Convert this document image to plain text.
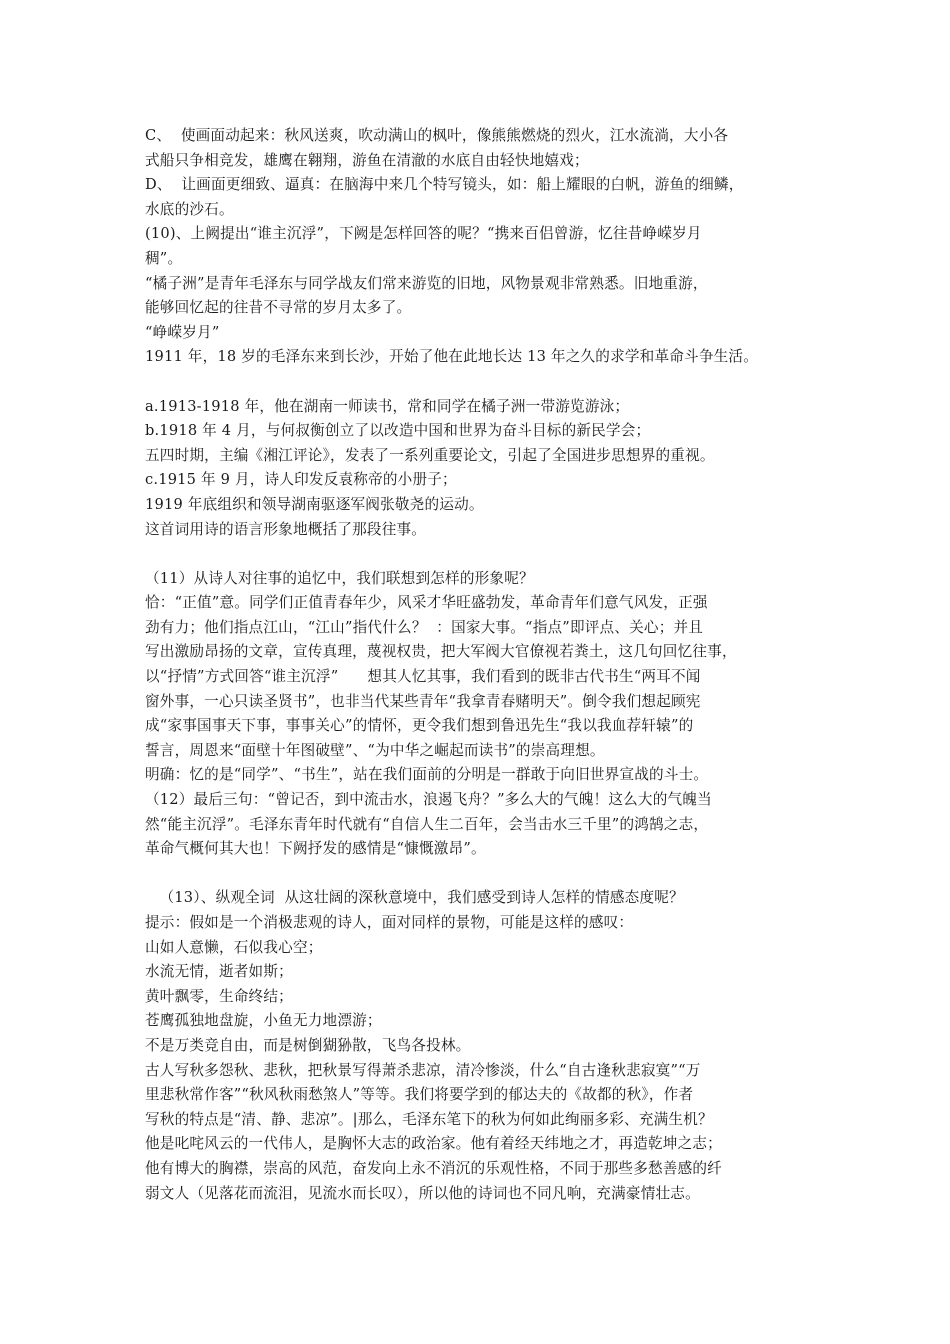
C、  使画面动起来：秋风送爽，吹动满山的枫叶，像熊熊燃烧的烈火，江水流淌，大小各
式船只争相竞发，雄鹰在翱翔，游鱼在清澈的水底自由轻快地嬉戏；
D、  让画面更细致、逼真：在脑海中来几个特写镜头，如：船上耀眼的白帆，游鱼的细鳞，
水底的沙石。
(10)、上阙提出“谁主沉浮”，下阙是怎样回答的呢？“携来百侣曾游，忆往昔峥嵘岁月
稠”。
“橘子洲”是青年毛泽东与同学战友们常来游览的旧地，风物景观非常熟悉。旧地重游，
能够回忆起的往昔不寻常的岁月太多了。
“峥嵘岁月”
1911 年，18 岁的毛泽东来到长沙，开始了他在此地长达 13 年之久的求学和革命斗争生活。
a.1913-1918 年，他在湖南一师读书，常和同学在橘子洲一带游览游泳；
b.1918 年 4 月，与何叔衡创立了以改造中国和世界为奋斗目标的新民学会；
五四时期，主编《湘江评论》，发表了一系列重要论文，引起了全国进步思想界的重视。
c.1915 年 9 月，诗人印发反袁称帝的小册子；
1919 年底组织和领导湖南驱逐军阀张敬尧的运动。
这首词用诗的语言形象地概括了那段往事。
（11）从诗人对往事的追忆中，我们联想到怎样的形象呢？
恰：“正值”意。同学们正值青春年少，风采才华旺盛勃发，革命青年们意气风发，正强
劲有力；他们指点江山，“江山”指代什么？  ：国家大事。“指点”即评点、关心；并且
写出激励昂扬的文章，宣传真理，蔑视权贵，把大军阀大官僚视若粪土，这几句回忆往事，
以“抒情”方式回答“谁主沉浮”      想其人忆其事，我们看到的既非古代书生“两耳不闻
窗外事，一心只读圣贤书”，也非当代某些青年“我拿青春赌明天”。倒令我们想起顾宪
成“家事国事天下事，事事关心”的情怀，更令我们想到鲁迅先生“我以我血荐轩辕”的
誓言，周恩来“面壁十年图破壁”、“为中华之崛起而读书”的崇高理想。
明确：忆的是“同学”、“书生”，站在我们面前的分明是一群敢于向旧世界宣战的斗士。
（12）最后三句：“曾记否，到中流击水，浪遏飞舟？”多么大的气魄！这么大的气魄当
然“能主沉浮”。毛泽东青年时代就有“自信人生二百年，会当击水三千里”的鸿鹄之志，
革命气概何其大也！下阙抒发的感情是“慷慨激昂”。
（13）、纵观全词  从这壮阔的深秋意境中，我们感受到诗人怎样的情感态度呢？
提示：假如是一个消极悲观的诗人，面对同样的景物，可能是这样的感叹：
山如人意懒，石似我心空；
水流无情，逝者如斯；
黄叶飘零，生命终结；
苍鹰孤独地盘旋，小鱼无力地漂游；
不是万类竞自由，而是树倒猢狲散，飞鸟各投林。
古人写秋多怨秋、悲秋，把秋景写得萧杀悲凉，清冷惨淡，什么“自古逢秋悲寂寞”“万
里悲秋常作客”“秋风秋雨愁煞人”等等。我们将要学到的郁达夫的《故都的秋》，作者
写秋的特点是“清、静、悲凉”。|那么，毛泽东笔下的秋为何如此绚丽多彩、充满生机？
他是叱咤风云的一代伟人，是胸怀大志的政治家。他有着经天纬地之才，再造乾坤之志；
他有博大的胸襟，崇高的风范，奋发向上永不消沉的乐观性格，不同于那些多愁善感的纤
弱文人（见落花而流泪，见流水而长叹），所以他的诗词也不同凡响，充满豪情壮志。
